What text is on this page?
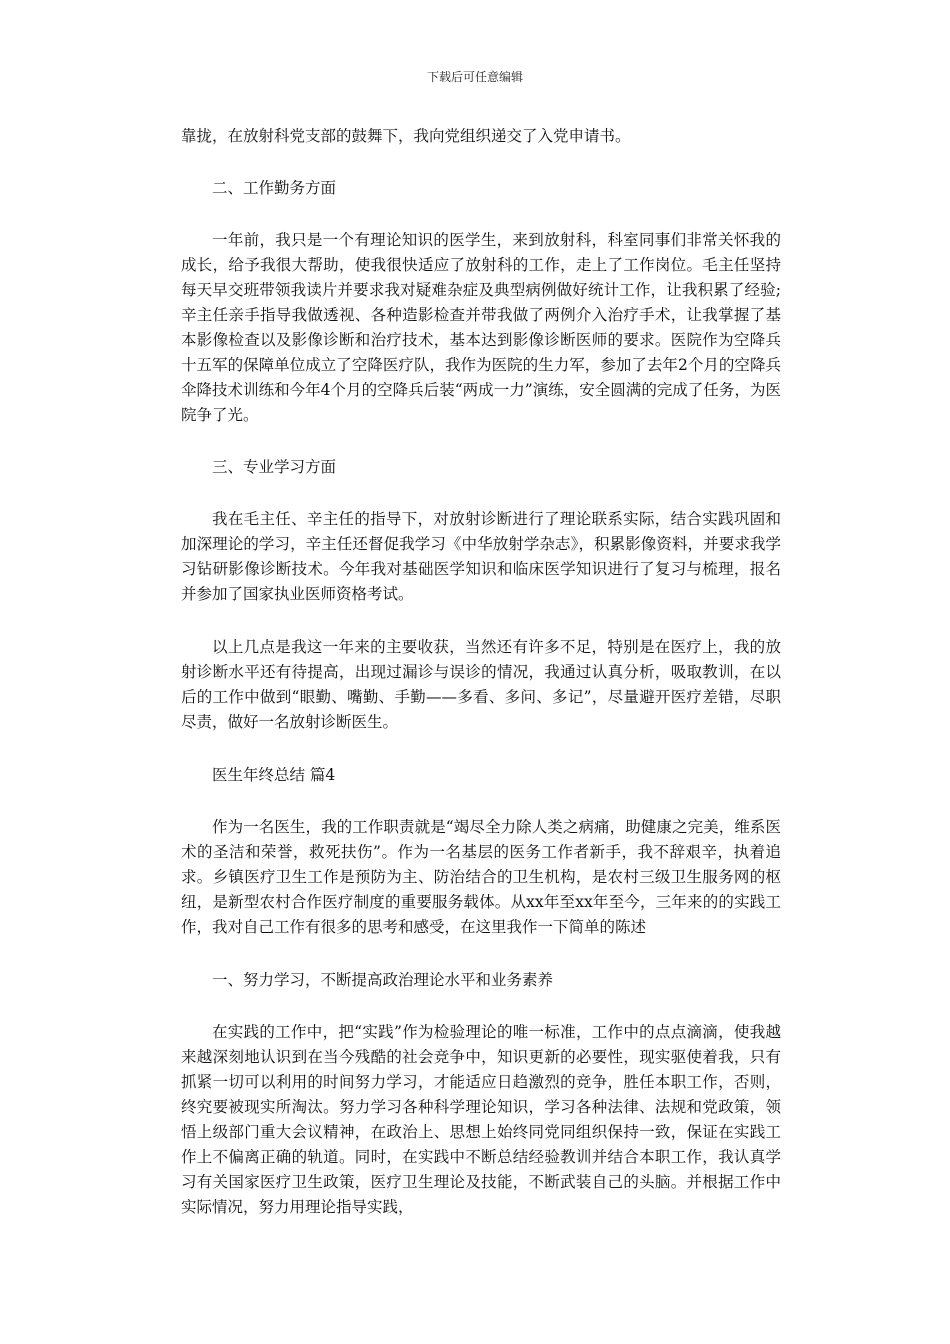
下载后可任意编辑

靠拢，在放射科党支部的鼓舞下，我向党组织递交了入党申请书。

二、工作勤务方面

一年前，我只是一个有理论知识的医学生，来到放射科，科室同事们非常关怀我的成长，给予我很大帮助，使我很快适应了放射科的工作，走上了工作岗位。毛主任坚持每天早交班带领我读片并要求我对疑难杂症及典型病例做好统计工作，让我积累了经验;辛主任亲手指导我做透视、各种造影检查并带我做了两例介入治疗手术，让我掌握了基本影像检查以及影像诊断和治疗技术，基本达到影像诊断医师的要求。医院作为空降兵十五军的保障单位成立了空降医疗队，我作为医院的生力军，参加了去年2个月的空降兵伞降技术训练和今年4个月的空降兵后装“两成一力”演练，安全圆满的完成了任务，为医院争了光。

三、专业学习方面

我在毛主任、辛主任的指导下，对放射诊断进行了理论联系实际，结合实践巩固和加深理论的学习，辛主任还督促我学习《中华放射学杂志》，积累影像资料，并要求我学习钻研影像诊断技术。今年我对基础医学知识和临床医学知识进行了复习与梳理，报名并参加了国家执业医师资格考试。

以上几点是我这一年来的主要收获，当然还有许多不足，特别是在医疗上，我的放射诊断水平还有待提高，出现过漏诊与误诊的情况，我通过认真分析，吸取教训，在以后的工作中做到“眼勤、嘴勤、手勤——多看、多问、多记”，尽量避开医疗差错，尽职尽责，做好一名放射诊断医生。

医生年终总结 篇4

作为一名医生，我的工作职责就是“竭尽全力除人类之病痛，助健康之完美，维系医术的圣洁和荣誉，救死扶伤”。作为一名基层的医务工作者新手，我不辞艰辛，执着追求。乡镇医疗卫生工作是预防为主、防治结合的卫生机构，是农村三级卫生服务网的枢纽，是新型农村合作医疗制度的重要服务载体。从xx年至xx年至今，三年来的的实践工作，我对自己工作有很多的思考和感受，在这里我作一下简单的陈述

一、努力学习，不断提高政治理论水平和业务素养

在实践的工作中，把“实践”作为检验理论的唯一标准，工作中的点点滴滴，使我越来越深刻地认识到在当今残酷的社会竞争中，知识更新的必要性，现实驱使着我，只有抓紧一切可以利用的时间努力学习，才能适应日趋激烈的竞争，胜任本职工作，否则，终究要被现实所淘汰。努力学习各种科学理论知识，学习各种法律、法规和党政策，领悟上级部门重大会议精神，在政治上、思想上始终同党同组织保持一致，保证在实践工作上不偏离正确的轨道。同时，在实践中不断总结经验教训并结合本职工作，我认真学习有关国家医疗卫生政策，医疗卫生理论及技能，不断武装自己的头脑。并根据工作中实际情况，努力用理论指导实践，
